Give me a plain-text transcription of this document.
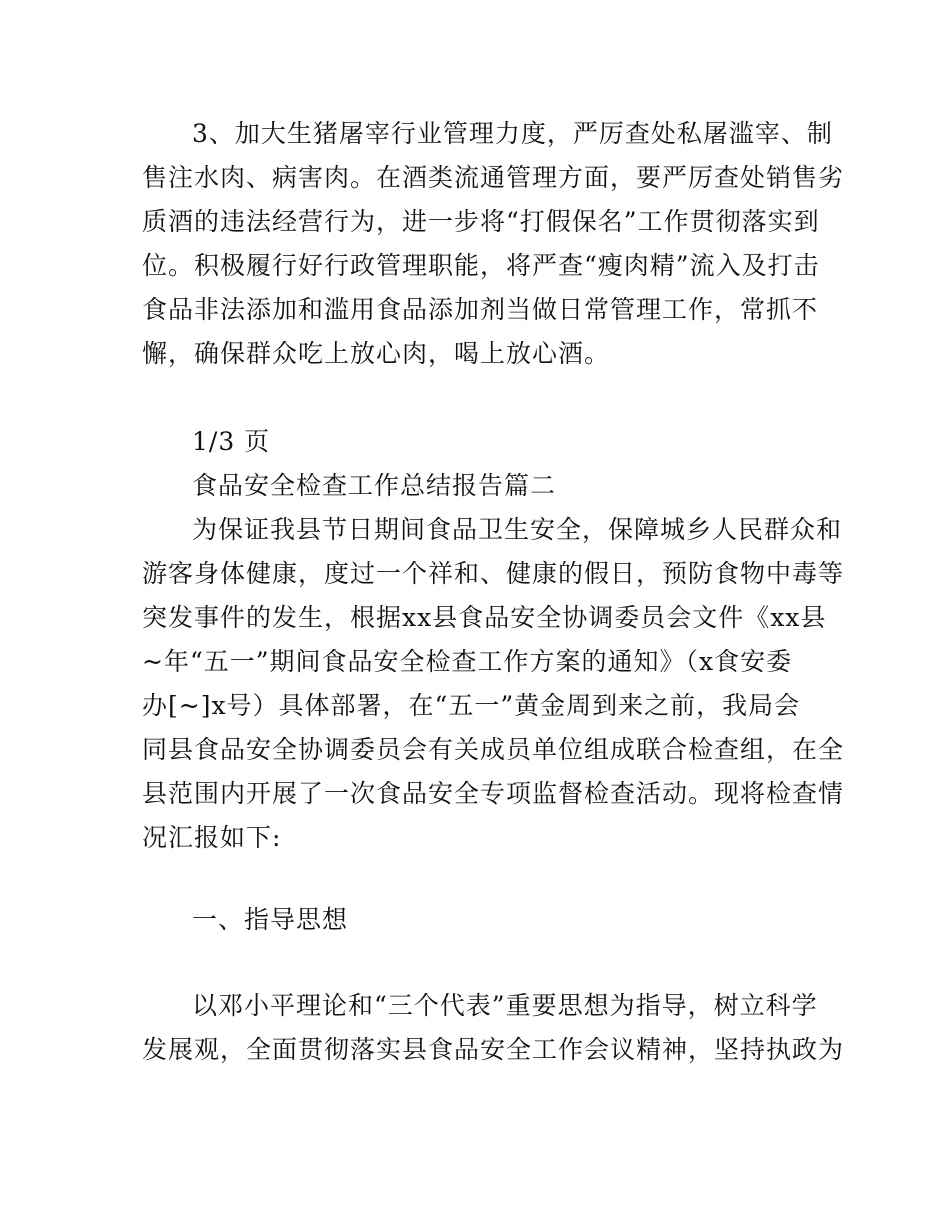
3、加大生猪屠宰行业管理力度，严厉查处私屠滥宰、制
售注水肉、病害肉。在酒类流通管理方面，要严厉查处销售劣
质酒的违法经营行为，进一步将“打假保名”工作贯彻落实到
位。积极履行好行政管理职能，将严查“瘦肉精”流入及打击
食品非法添加和滥用食品添加剂当做日常管理工作，常抓不
懈，确保群众吃上放心肉，喝上放心酒。
1/3 页
食品安全检查工作总结报告篇二
为保证我县节日期间食品卫生安全，保障城乡人民群众和
游客身体健康，度过一个祥和、健康的假日，预防食物中毒等
突发事件的发生，根据xx县食品安全协调委员会文件《xx县
~年“五一”期间食品安全检查工作方案的通知》（x食安委
办[~]x号）具体部署，在“五一”黄金周到来之前，我局会
同县食品安全协调委员会有关成员单位组成联合检查组，在全
县范围内开展了一次食品安全专项监督检查活动。现将检查情
况汇报如下:
一、指导思想
以邓小平理论和“三个代表”重要思想为指导，树立科学
发展观，全面贯彻落实县食品安全工作会议精神，坚持执政为
